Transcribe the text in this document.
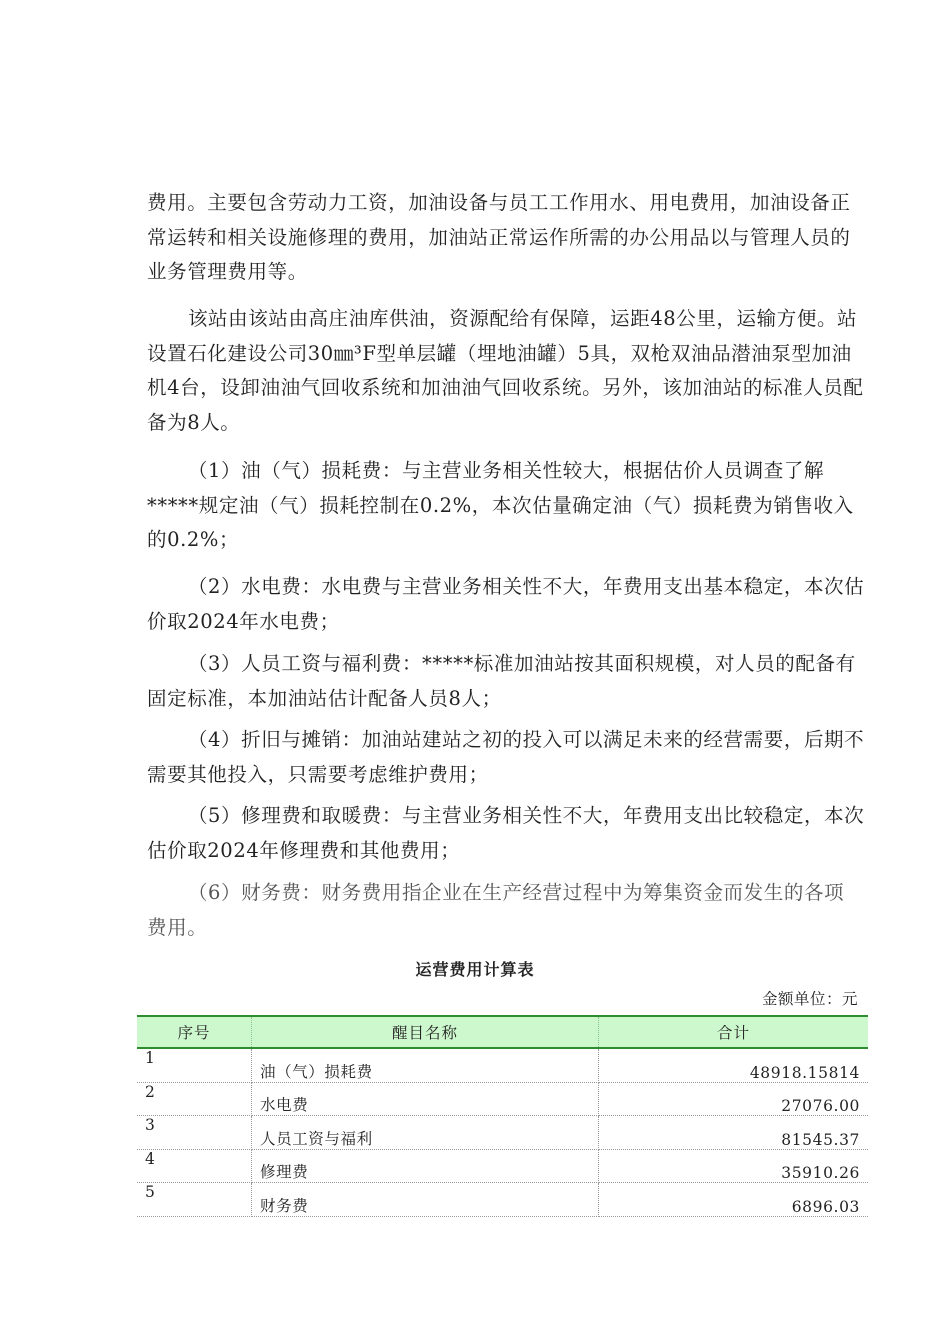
费用。主要包含劳动力工资，加油设备与员工工作用水、用电费用，加油设备正常运转和相关设施修理的费用，加油站正常运作所需的办公用品以与管理人员的业务管理费用等。

该站由该站由高庄油库供油，资源配给有保障，运距48公里，运输方便。站设置石化建设公司30㎜³F型单层罐（埋地油罐）5具，双枪双油品潜油泵型加油机4台，设卸油油气回收系统和加油油气回收系统。另外，该加油站的标准人员配备为8人。

（1）油（气）损耗费：与主营业务相关性较大，根据估价人员调查了解*****规定油（气）损耗控制在0.2%，本次估量确定油（气）损耗费为销售收入的0.2%；

（2）水电费：水电费与主营业务相关性不大，年费用支出基本稳定，本次估价取2024年水电费；

（3）人员工资与福利费：*****标准加油站按其面积规模，对人员的配备有固定标准，本加油站估计配备人员8人；

（4）折旧与摊销：加油站建站之初的投入可以满足未来的经营需要，后期不需要其他投入，只需要考虑维护费用；

（5）修理费和取暖费：与主营业务相关性不大，年费用支出比较稳定，本次估价取2024年修理费和其他费用；

（6）财务费：财务费用指企业在生产经营过程中为筹集资金而发生的各项费用。

运营费用计算表
金额单位：元
序号	醒目名称	合计
1	油（气）损耗费	48918.15814
2	水电费	27076.00
3	人员工资与福利	81545.37
4	修理费	35910.26
5	财务费	6896.03
